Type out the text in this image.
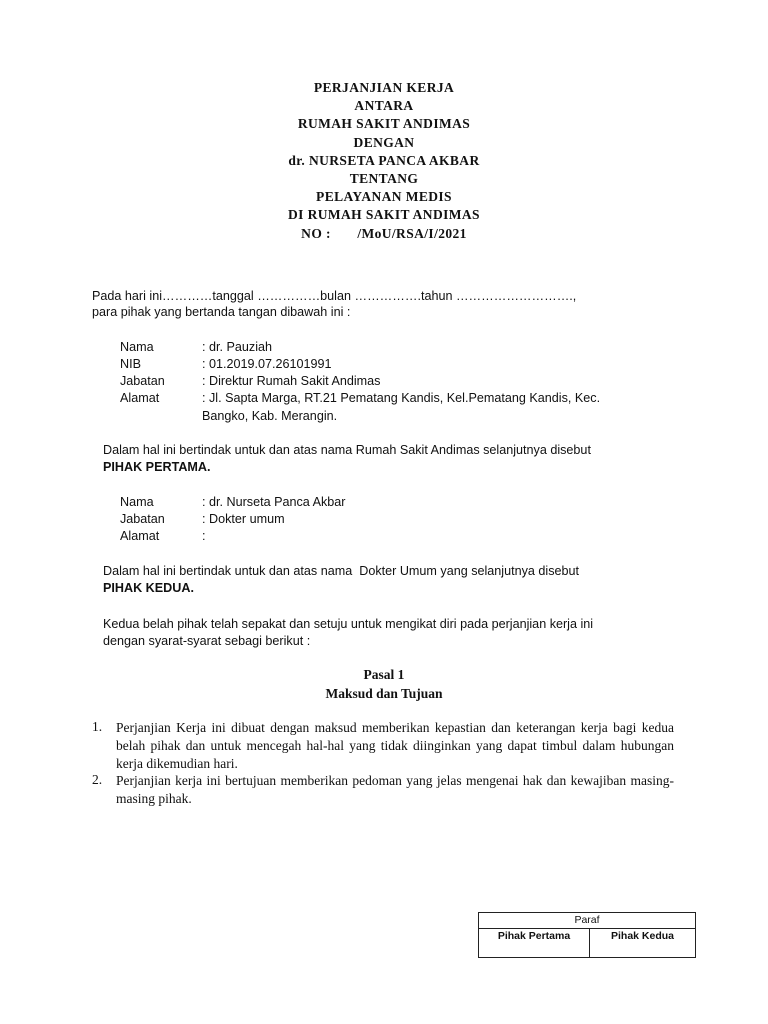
PERJANJIAN KERJA
ANTARA
RUMAH SAKIT ANDIMAS
DENGAN
dr. NURSETA PANCA AKBAR
TENTANG
PELAYANAN MEDIS
DI RUMAH SAKIT ANDIMAS
NO :       /MoU/RSA/I/2021
Pada hari ini…………tanggal ……………bulan …………….tahun ……………………….,
para pihak yang bertanda tangan dibawah ini :
Nama	: dr. Pauziah
NIB	: 01.2019.07.26101991
Jabatan	: Direktur Rumah Sakit Andimas
Alamat	: Jl. Sapta Marga, RT.21 Pematang Kandis, Kel.Pematang Kandis, Kec.
Bangko, Kab. Merangin.
Dalam hal ini bertindak untuk dan atas nama Rumah Sakit Andimas selanjutnya disebut
PIHAK PERTAMA.
Nama	: dr. Nurseta Panca Akbar
Jabatan	: Dokter umum
Alamat	:
Dalam hal ini bertindak untuk dan atas nama  Dokter Umum yang selanjutnya disebut
PIHAK KEDUA.
Kedua belah pihak telah sepakat dan setuju untuk mengikat diri pada perjanjian kerja ini
dengan syarat-syarat sebagi berikut :
Pasal 1
Maksud dan Tujuan
1. Perjanjian Kerja ini dibuat dengan maksud memberikan kepastian dan keterangan kerja bagi kedua belah pihak dan untuk mencegah hal-hal yang tidak diinginkan yang dapat timbul dalam hubungan kerja dikemudian hari.
2. Perjanjian kerja ini bertujuan memberikan pedoman yang jelas mengenai hak dan kewajiban masing-masing pihak.
Paraf
Pihak Pertama	Pihak Kedua
